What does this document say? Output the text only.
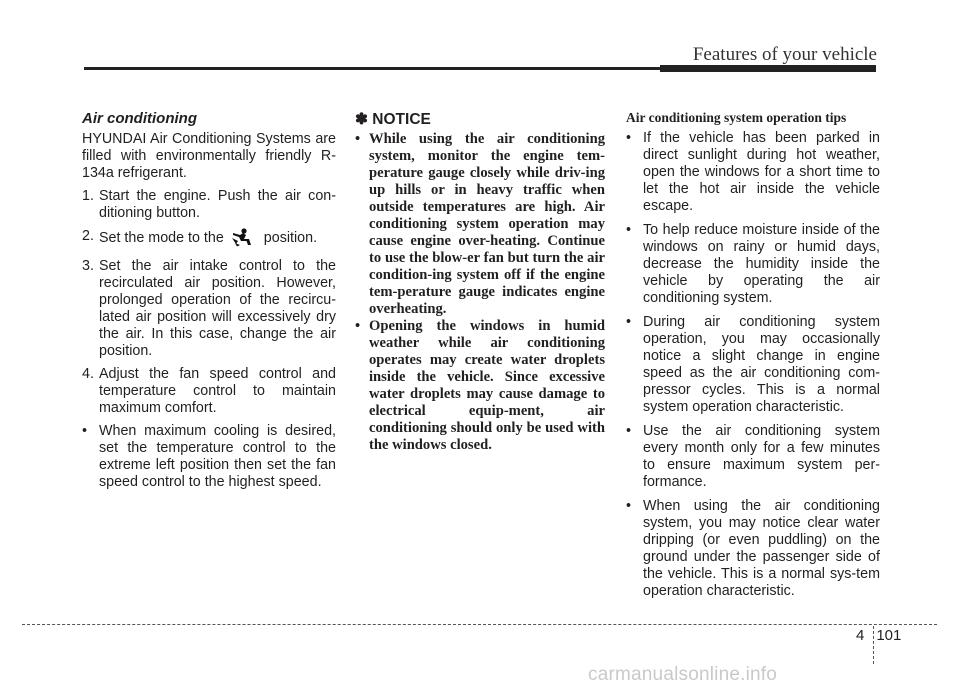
Features of your vehicle
Air conditioning

HYUNDAI Air Conditioning Systems are filled with environmentally friendly R-134a refrigerant.

1. Start the engine. Push the air con-ditioning button.
2. Set the mode to the	position.
3. Set the air intake control to the recirculated air position. However, prolonged operation of the recircu-lated air position will excessively dry the air. In this case, change the air position.
4. Adjust the fan speed control and temperature control to maintain maximum comfort.
• When maximum cooling is desired, set the temperature control to the extreme left position then set the fan speed control to the highest speed.
✽ NOTICE
• While using the air conditioning system, monitor the engine tem-perature gauge closely while driv-ing up hills or in heavy traffic when outside temperatures are high. Air conditioning system operation may cause engine over-heating. Continue to use the blow-er fan but turn the air condition-ing system off if the engine tem-perature gauge indicates engine overheating.
• Opening the windows in humid weather while air conditioning operates may create water droplets inside the vehicle. Since excessive water droplets may cause damage to electrical equip-ment, air conditioning should only be used with the windows closed.
Air conditioning system operation tips
• If the vehicle has been parked in direct sunlight during hot weather, open the windows for a short time to let the hot air inside the vehicle escape.
• To help reduce moisture inside of the windows on rainy or humid days, decrease the humidity inside the vehicle by operating the air conditioning system.
• During air conditioning system operation, you may occasionally notice a slight change in engine speed as the air conditioning com-pressor cycles. This is a normal system operation characteristic.
• Use the air conditioning system every month only for a few minutes to ensure maximum system per-formance.
• When using the air conditioning system, you may notice clear water dripping (or even puddling) on the ground under the passenger side of the vehicle. This is a normal sys-tem operation characteristic.
4 101
carmanualsonline.info
